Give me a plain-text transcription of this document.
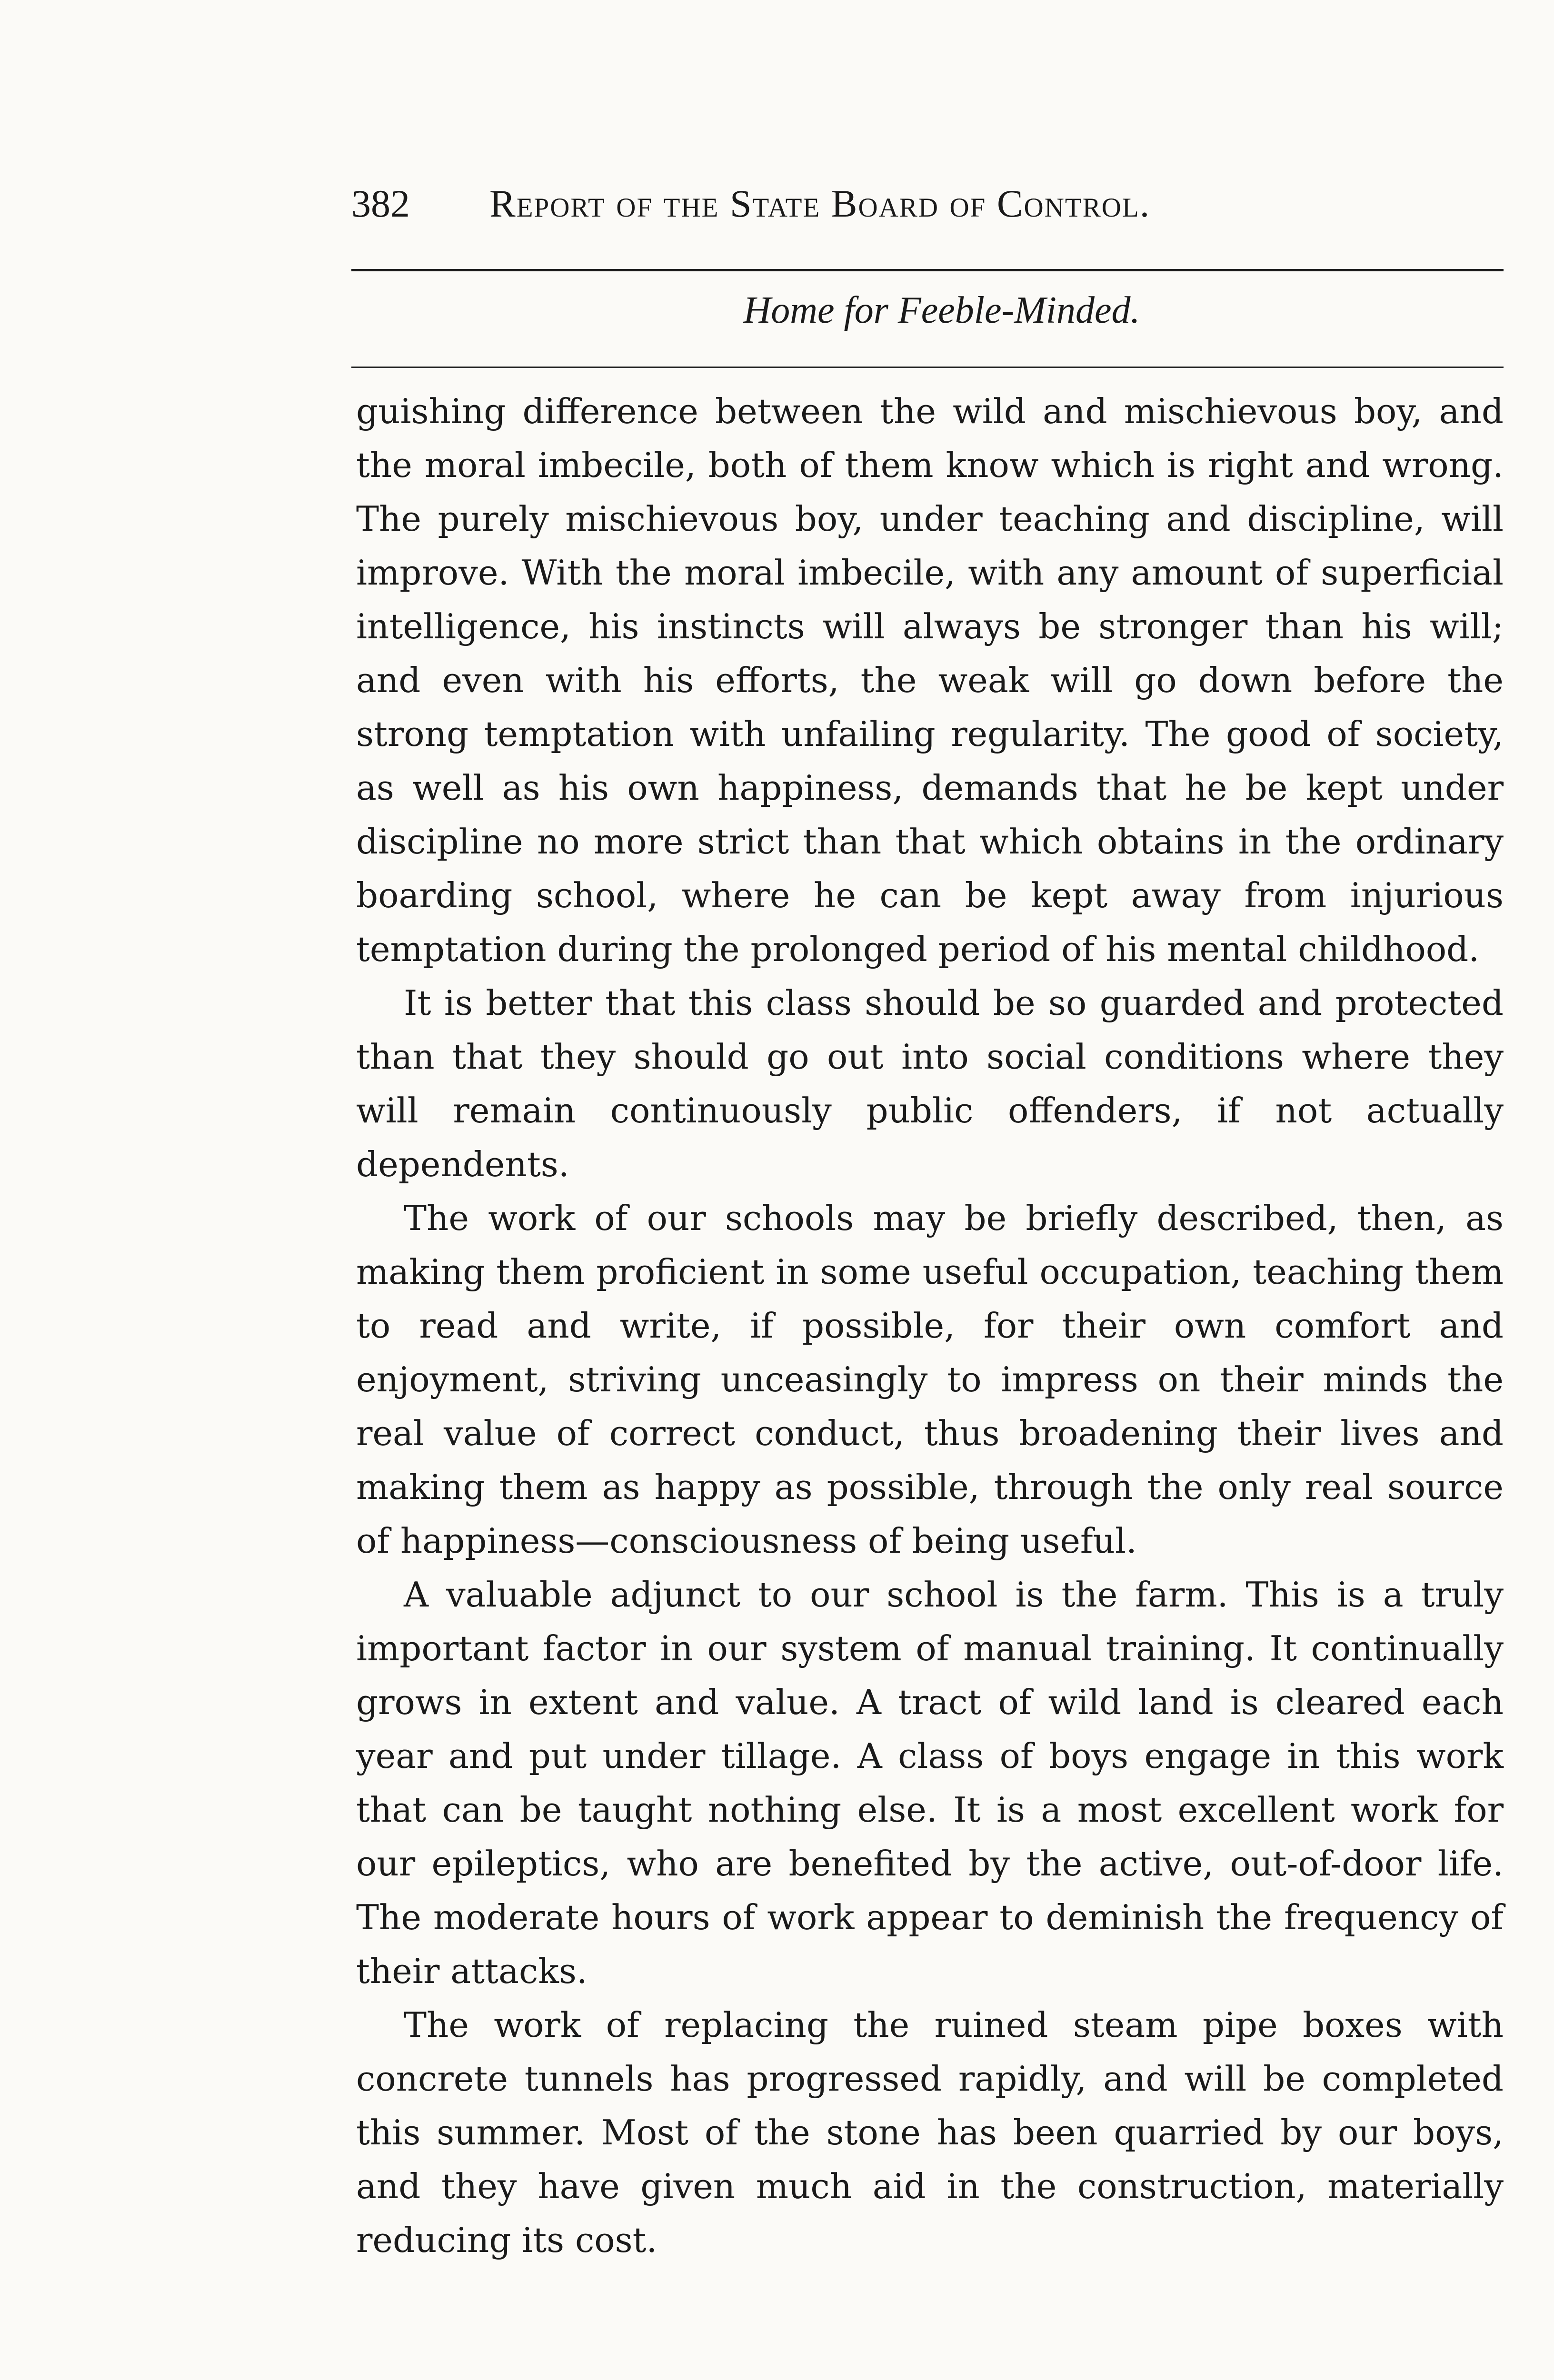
382 Report of the State Board of Control.
Home for Feeble-Minded.

guishing difference between the wild and mischievous boy, and the moral imbecile, both of them know which is right and wrong. The purely mischievous boy, under teaching and discipline, will improve. With the moral imbecile, with any amount of superficial intelligence, his instincts will always be stronger than his will; and even with his efforts, the weak will go down before the strong temptation with unfailing regularity. The good of society, as well as his own happiness, demands that he be kept under discipline no more strict than that which obtains in the ordinary boarding school, where he can be kept away from injurious temptation during the prolonged period of his mental childhood.

It is better that this class should be so guarded and protected than that they should go out into social conditions where they will remain continuously public offenders, if not actually dependents.

The work of our schools may be briefly described, then, as making them proficient in some useful occupation, teaching them to read and write, if possible, for their own comfort and enjoyment, striving unceasingly to impress on their minds the real value of correct conduct, thus broadening their lives and making them as happy as possible, through the only real source of happiness—consciousness of being useful.

A valuable adjunct to our school is the farm. This is a truly important factor in our system of manual training. It continually grows in extent and value. A tract of wild land is cleared each year and put under tillage. A class of boys engage in this work that can be taught nothing else. It is a most excellent work for our epileptics, who are benefited by the active, out-of-door life. The moderate hours of work appear to deminish the frequency of their attacks.

The work of replacing the ruined steam pipe boxes with concrete tunnels has progressed rapidly, and will be completed this summer. Most of the stone has been quarried by our boys, and they have given much aid in the construction, materially reducing its cost.
